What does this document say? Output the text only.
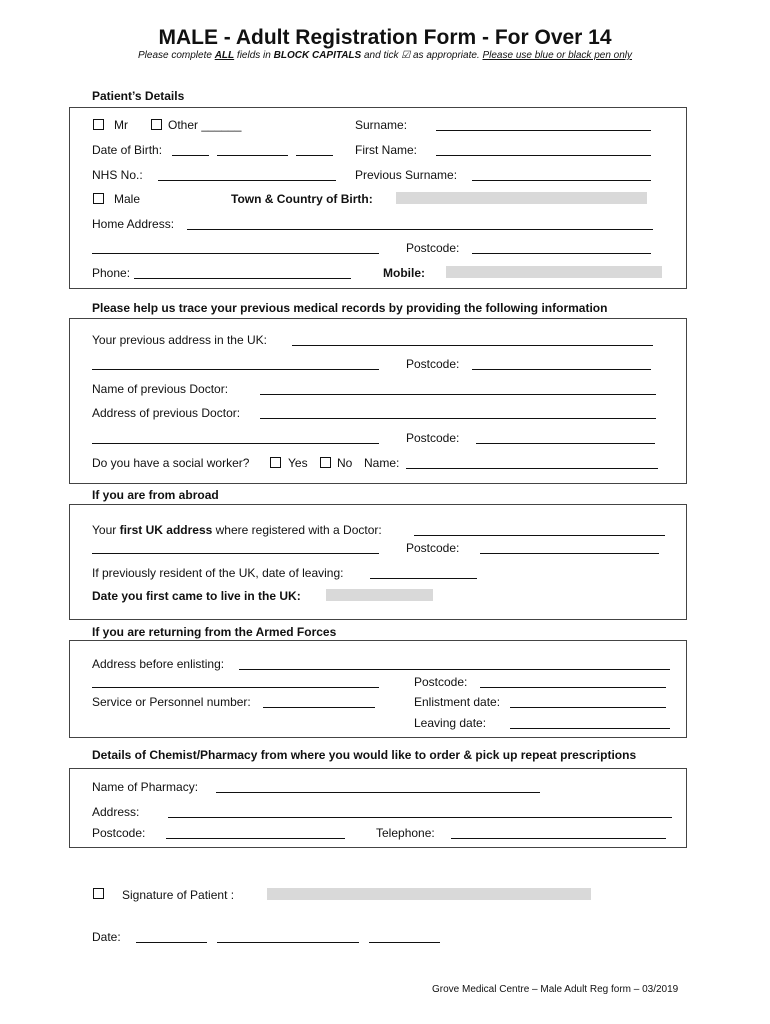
MALE - Adult Registration Form - For Over 14
Please complete ALL fields in BLOCK CAPITALS and tick ☑ as appropriate. Please use blue or black pen only
Patient’s Details
Mr	Other ______	Surname:
Date of Birth:	First Name:
NHS No.:	Previous Surname:
Male	Town & Country of Birth:
Home Address:
Postcode:
Phone:	Mobile:
Please help us trace your previous medical records by providing the following information
Your previous address in the UK:
Postcode:
Name of previous Doctor:
Address of previous Doctor:
Postcode:
Do you have a social worker?	Yes No Name:
If you are from abroad
Your first UK address where registered with a Doctor:
Postcode:
If previously resident of the UK, date of leaving:
Date you first came to live in the UK:
If you are returning from the Armed Forces
Address before enlisting:
Postcode:
Service or Personnel number:	Enlistment date:
Leaving date:
Details of Chemist/Pharmacy from where you would like to order & pick up repeat prescriptions
Name of Pharmacy:
Address:
Postcode:	Telephone:
Signature of Patient :
Date:
Grove Medical Centre – Male Adult Reg form – 03/2019
